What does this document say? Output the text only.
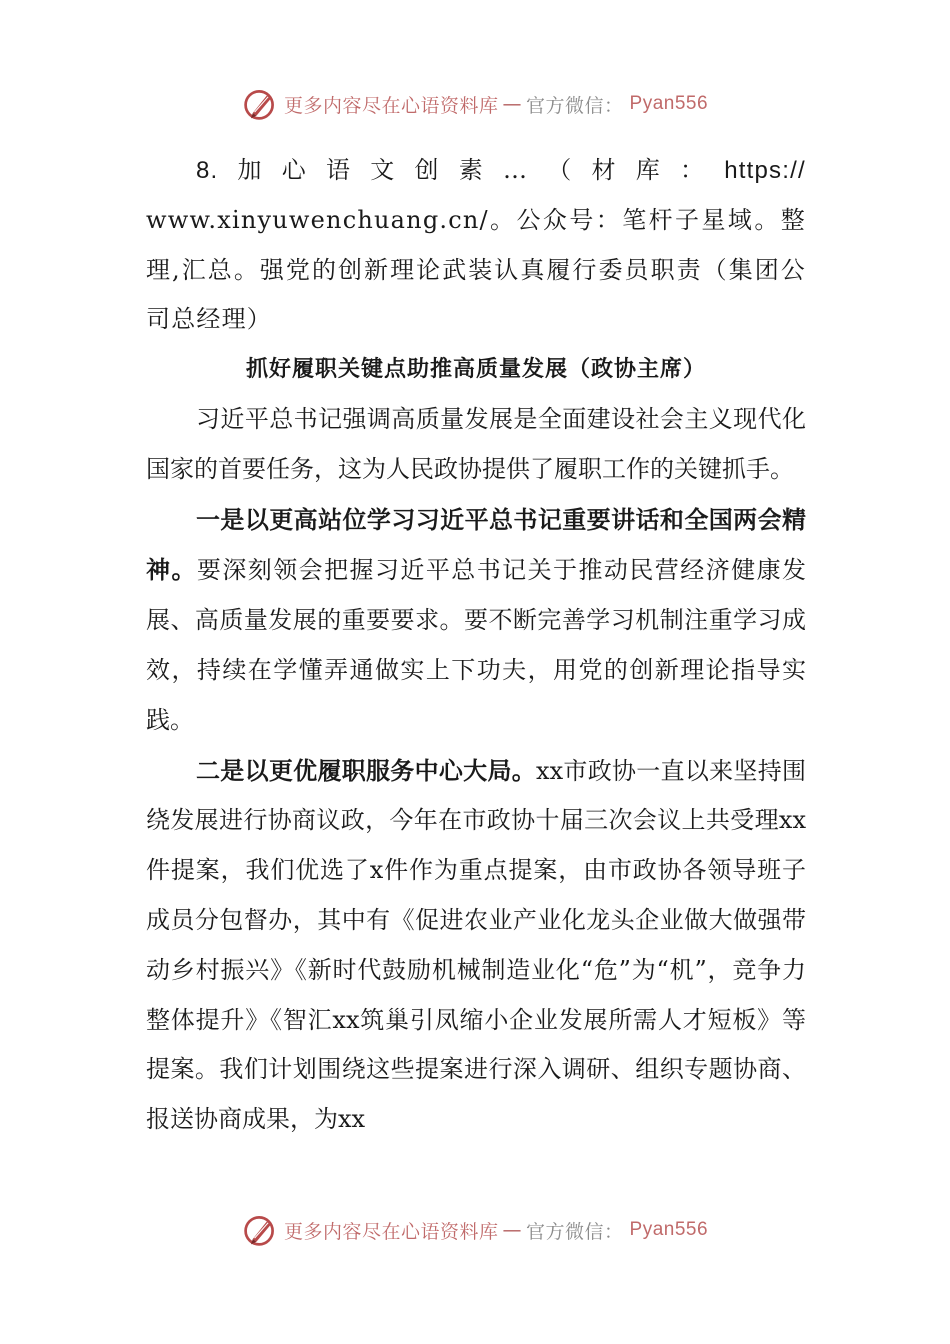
更多内容尽在心语资料库 — 官方微信 ： Pyan556
8. 加 心 语 文 创 素 … （ 材 库 ： https://

www.xinyuwenchuang.cn/。公众号：笔杆子星域。整理,汇总。强党的创新理论武装认真履行委员职责（集团公司总经理）

抓好履职关键点助推高质量发展（政协主席）

习近平总书记强调高质量发展是全面建设社会主义现代化国家的首要任务，这为人民政协提供了履职工作的关键抓手。

一是以更高站位学习习近平总书记重要讲话和全国两会精神。要深刻领会把握习近平总书记关于推动民营经济健康发展、高质量发展的重要要求。要不断完善学习机制注重学习成效，持续在学懂弄通做实上下功夫，用党的创新理论指导实践。

二是以更优履职服务中心大局。xx市政协一直以来坚持围绕发展进行协商议政，今年在市政协十届三次会议上共受理xx件提案，我们优选了x件作为重点提案，由市政协各领导班子成员分包督办，其中有《促进农业产业化龙头企业做大做强带动乡村振兴》《新时代鼓励机械制造业化“危”为“机”，竞争力整体提升》《智汇xx筑巢引凤缩小企业发展所需人才短板》等提案。我们计划围绕这些提案进行深入调研、组织专题协商、报送协商成果，为xx

更多内容尽在心语资料库 — 官方微信 ： Pyan556
